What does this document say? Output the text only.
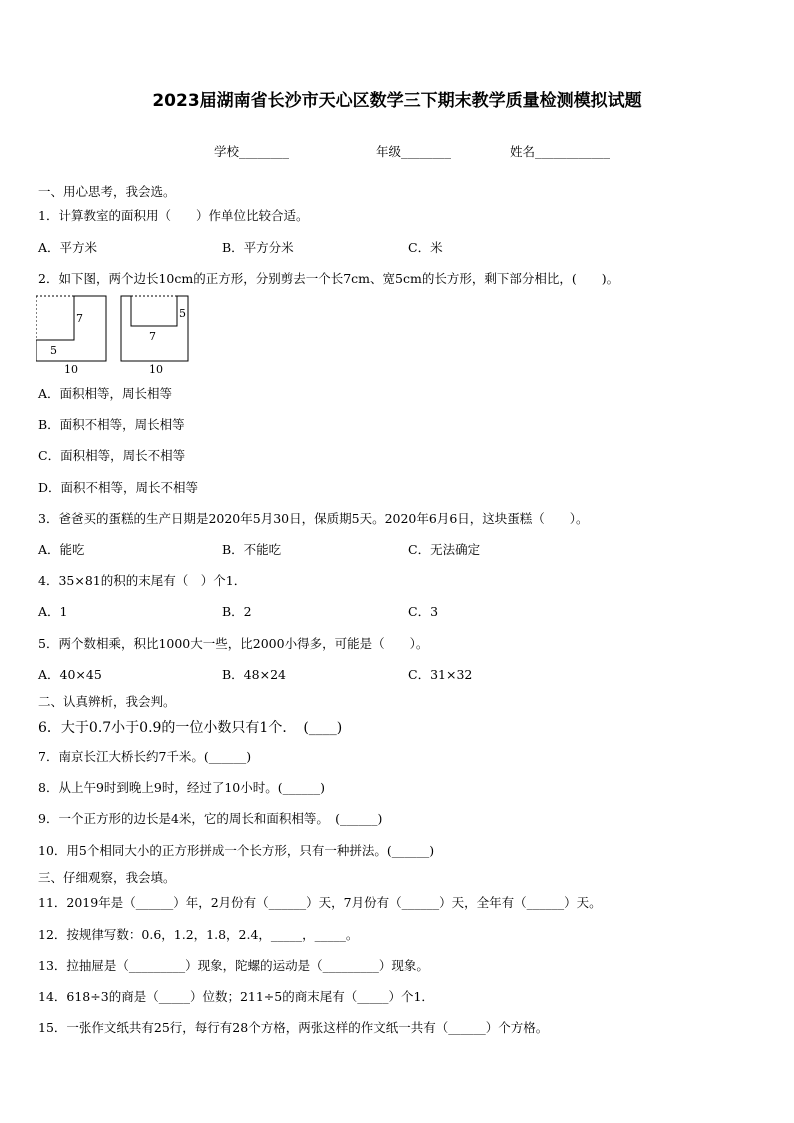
2023届湖南省长沙市天心区数学三下期末教学质量检测模拟试题
学校________	年级________	姓名____________
一、用心思考，我会选。
1．计算教室的面积用（　　）作单位比较合适。
A．平方米	B．平方分米	C．米
2．如下图，两个边长10cm的正方形，分别剪去一个长7cm、宽5cm的长方形，剩下部分相比，(　　)。
7
5
10
5
7
10
A．面积相等，周长相等
B．面积不相等，周长相等
C．面积相等，周长不相等
D．面积不相等，周长不相等
3．爸爸买的蛋糕的生产日期是2020年5月30日，保质期5天。2020年6月6日，这块蛋糕（　　）。
A．能吃	B．不能吃	C．无法确定
4．35×81的积的末尾有（　）个1．
A．1	B．2	C．3
5．两个数相乘，积比1000大一些，比2000小得多，可能是（　　）。
A．40×45	B．48×24	C．31×32
二、认真辨析，我会判。
6．大于0.7小于0.9的一位小数只有1个．　(____)
7．南京长江大桥长约7千米。(______)
8．从上午9时到晚上9时，经过了10小时。(______)
9．一个正方形的边长是4米，它的周长和面积相等。　(______)
10．用5个相同大小的正方形拼成一个长方形，只有一种拼法。(______)
三、仔细观察，我会填。
11．2019年是（______）年，2月份有（______）天，7月份有（______）天，全年有（______）天。
12．按规律写数：0.6，1.2，1.8，2.4，_____，_____。
13．拉抽屉是（_________）现象，陀螺的运动是（_________）现象。
14．618÷3的商是（_____）位数；211÷5的商末尾有（_____）个1．
15．一张作文纸共有25行，每行有28个方格，两张这样的作文纸一共有（______）个方格。
